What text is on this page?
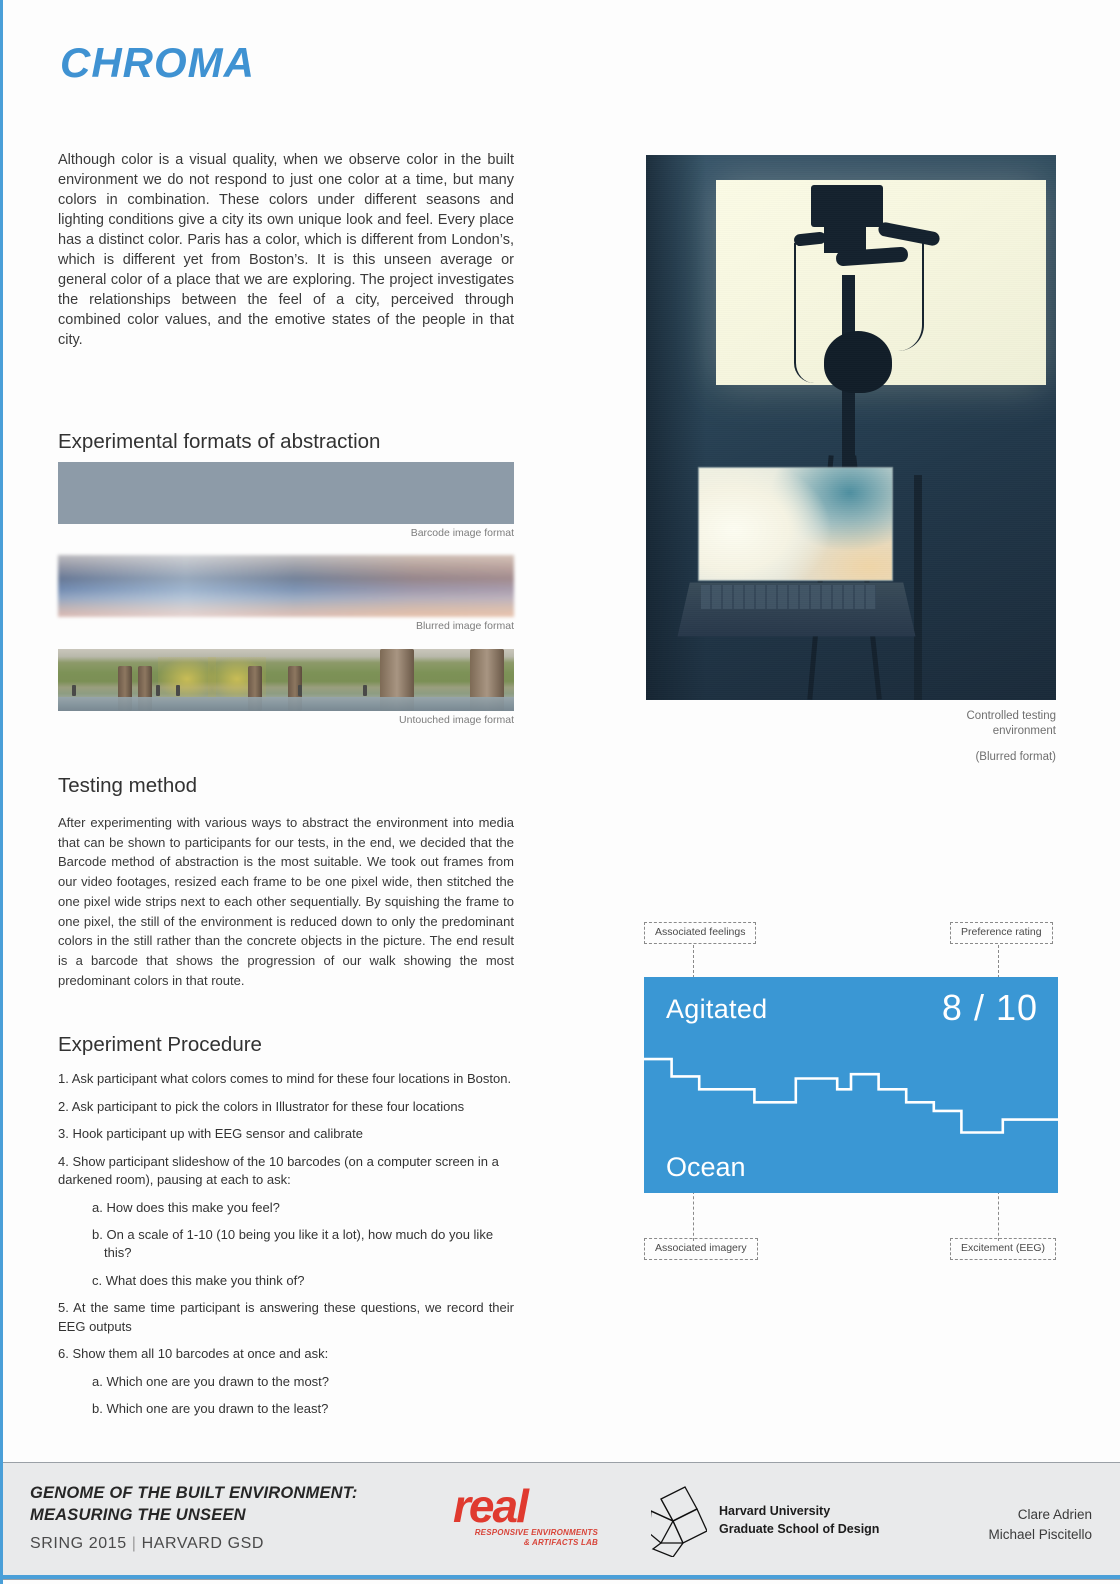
CHROMA

Although color is a visual quality, when we observe color in the built environment we do not respond to just one color at a time, but many colors in combination. These colors under different seasons and lighting conditions give a city its own unique look and feel. Every place has a distinct color. Paris has a color, which is different from London’s, which is different yet from Boston’s. It is this unseen average or general color of a place that we are exploring. The project investigates the relationships between the feel of a city, perceived through combined color values, and the emotive states of the people in that city.

Experimental formats of abstraction
Barcode image format
Blurred image format
Untouched image format
Testing method

After experimenting with various ways to abstract the environment into media that can be shown to participants for our tests, in the end, we decided that the Barcode method of abstraction is the most suitable. We took out frames from our video footages, resized each frame to be one pixel wide, then stitched the one pixel wide strips next to each other sequentially. By squishing the frame to one pixel, the still of the environment is reduced down to only the predominant colors in the still rather than the concrete objects in the picture. The end result is a barcode that shows the progression of our walk showing the most predominant colors in that route.

Experiment Procedure
1. Ask participant what colors comes to mind for these four locations in Boston.
2. Ask participant to pick the colors in Illustrator for these four locations
3. Hook participant up with EEG sensor and calibrate
4. Show participant slideshow of the 10 barcodes (on a computer screen in a darkened room), pausing at each to ask:
a. How does this make you feel?
b. On a scale of 1-10 (10 being you like it a lot), how much do you like this?
c. What does this make you think of?
5. At the same time participant is answering these questions, we record their EEG outputs
6. Show them all 10 barcodes at once and ask:
a. Which one are you drawn to the most?
b. Which one are you drawn to the least?
Controlled testing
environment
(Blurred format)
Associated feelings	Preference rating
Associated imagery	Excitement (EEG)
Agitated	8 / 10
Ocean
GENOME OF THE BUILT ENVIRONMENT:
MEASURING THE UNSEEN
SRING 2015 | HARVARD GSD
real
RESPONSIVE ENVIRONMENTS
& ARTIFACTS LAB
Harvard University
Graduate School of Design
Clare Adrien
Michael Piscitello
